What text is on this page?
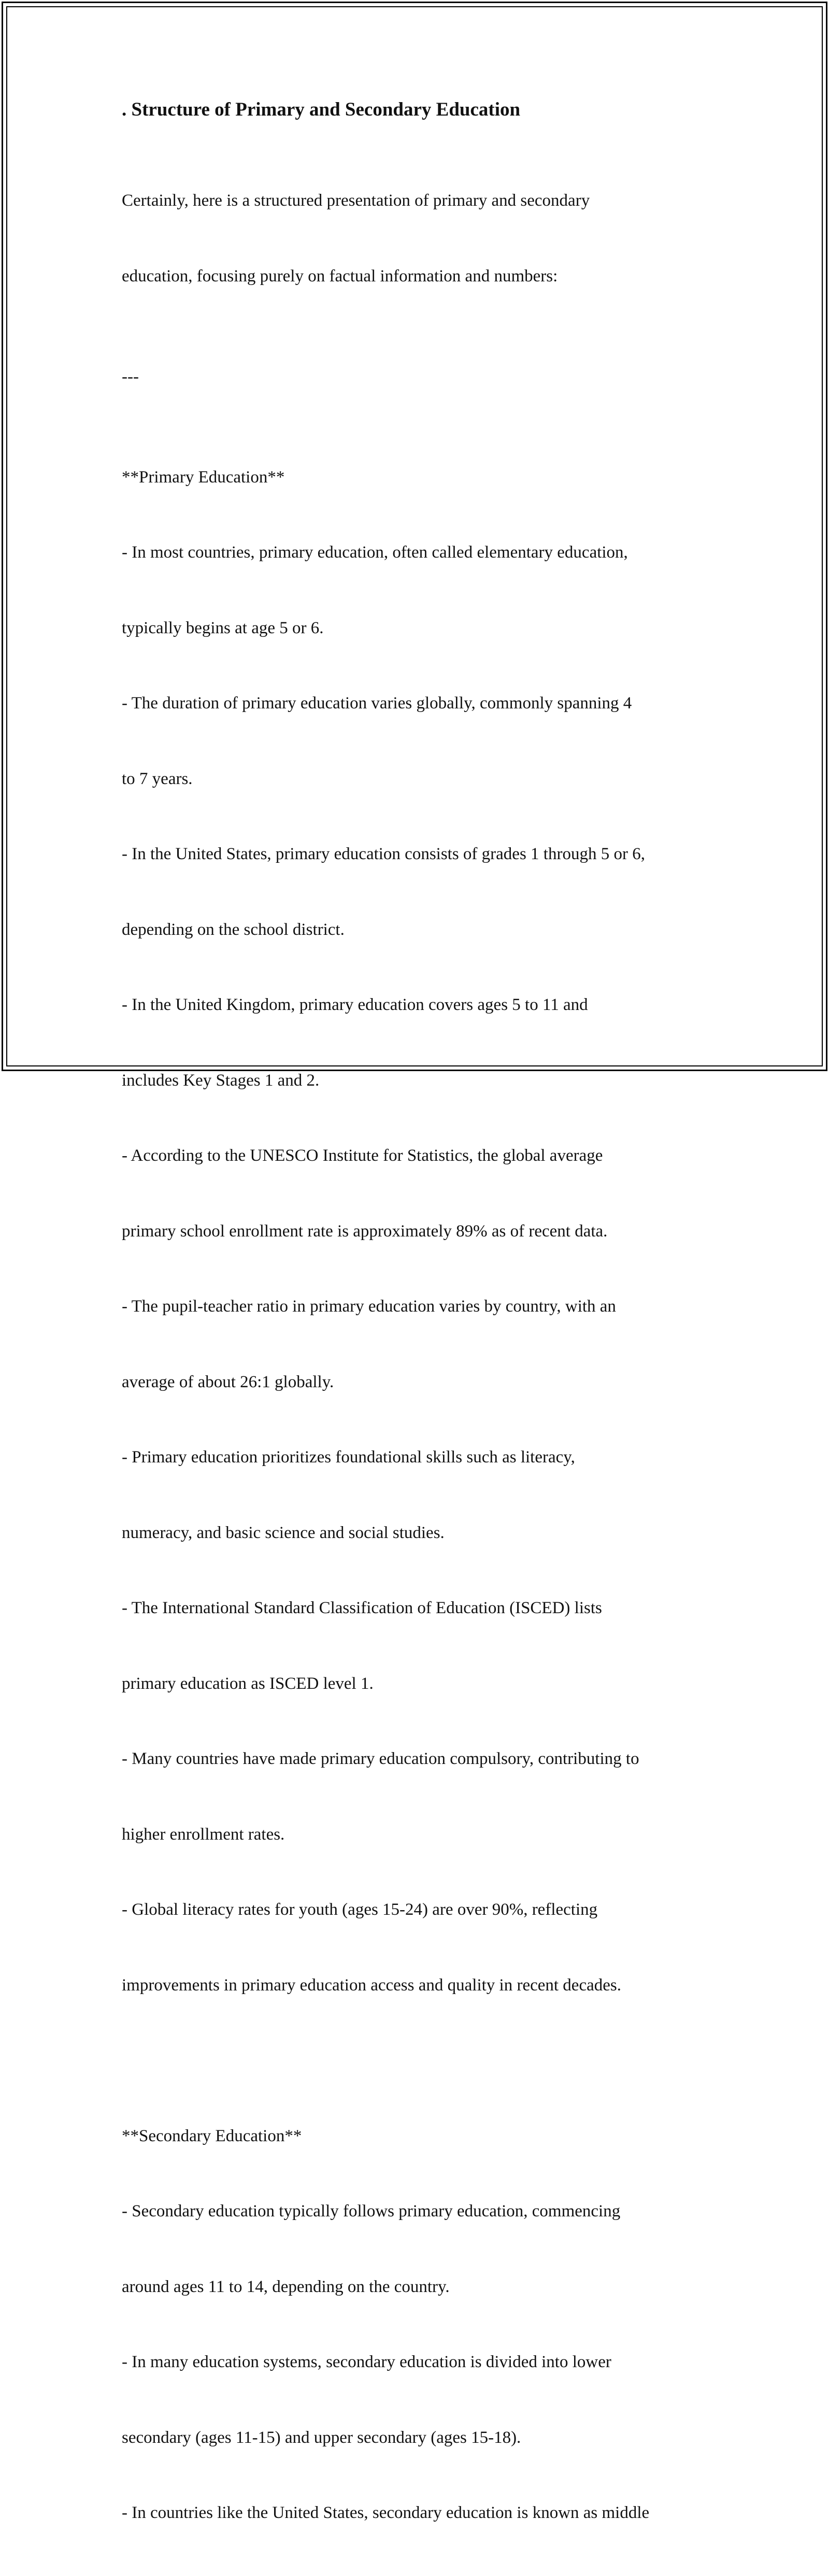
. Structure of Primary and Secondary Education

Certainly, here is a structured presentation of primary and secondary

education, focusing purely on factual information and numbers:

---

**Primary Education**

- In most countries, primary education, often called elementary education,

typically begins at age 5 or 6.

- The duration of primary education varies globally, commonly spanning 4

to 7 years.

- In the United States, primary education consists of grades 1 through 5 or 6,

depending on the school district.

- In the United Kingdom, primary education covers ages 5 to 11 and

includes Key Stages 1 and 2.

- According to the UNESCO Institute for Statistics, the global average

primary school enrollment rate is approximately 89% as of recent data.

- The pupil-teacher ratio in primary education varies by country, with an

average of about 26:1 globally.

- Primary education prioritizes foundational skills such as literacy,

numeracy, and basic science and social studies.

- The International Standard Classification of Education (ISCED) lists

primary education as ISCED level 1.

- Many countries have made primary education compulsory, contributing to

higher enrollment rates.

- Global literacy rates for youth (ages 15-24) are over 90%, reflecting

improvements in primary education access and quality in recent decades.

**Secondary Education**

- Secondary education typically follows primary education, commencing

around ages 11 to 14, depending on the country.

- In many education systems, secondary education is divided into lower

secondary (ages 11-15) and upper secondary (ages 15-18).

- In countries like the United States, secondary education is known as middle
